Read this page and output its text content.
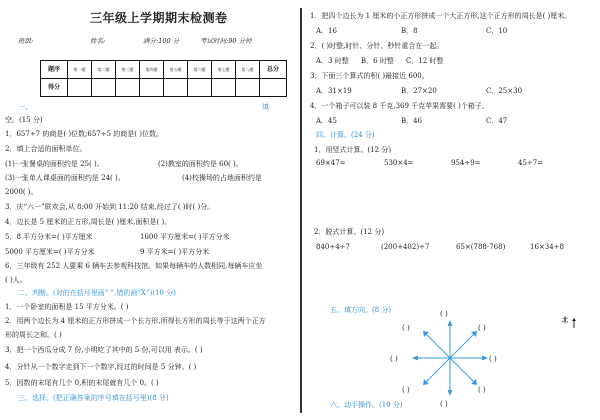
三年级上学期期末检测卷
班级:	姓名:	满分:100 分	考试时间:90 分钟
题序	第一题	第二题	第三题	第四题	第五题	第六题	第七题	第八题	总分
得分									
一、	填
空。(15 分)
1．657÷7 的商是( )位数;657÷5 的商是( )位数。
2．填上合适的面积单位。
(1)一张餐桌的面积约是 25( )。	(2)教室的面积约是 60( )。
(3)一张单人课桌面的面积约是 24( )。	(4)校操场的占地面积约是
2000( )。
3．庆“六一”联欢会,从 8:00 开始到 11:20 结束,经过了( )时( )分。
4．边长是 5 厘米的正方形,周长是( )厘米,面积是( )。
5．8 平方分米=( )平方厘米	1600 平方厘米=( )平方分米
5000 平方厘米=( )平方分米	9 平方米=( )平方分米
6．三年级有 252 人要乘 6 辆车去参观科技馆。如果每辆车的人数相同,每辆车应坐
( )人。
二、判断。(对的在括号里画“ ”,错的画“X”)(10 分)
1．一个卧室的面积是 15 平方分米。( )
2．用两个边长为 4 厘米的正方形拼成一个长方形,所得长方形的周长等于这两个正方
形的周长之和。( )
3．把一个西瓜分成 7 份,小明吃了其中的 5 份,可以用 表示。( )
4．分针从一个数字走到下一个数字,经过的时间是 5 分钟。( )
5．因数的末尾有几个 0,积的末尾就有几个 0。( )
三、选择。(把正确答案的序号填在括号里)(8 分)
1．把四个边长为 1 厘米的小正方形拼成一个大正方形,这个正方形的周长是( )厘米。
A．16	B．8	C．10
2．( )时整,时针、分针、秒针重合在一起。
A．3 时整 B．6 时整 C．12 时整
3．下面三个算式的积( )最接近 600。
A．31×19	B．27×20	C．25×30
4．一个箱子可以装 8 千克,369 千克苹果需要( )个箱子。
A．45	B．46	C．47
四、计算。(24 分)
1．用竖式计算。(12 分)
69×47=	530×4=	954÷9=	45÷7=
2．脱式计算。(12 分)
840÷4÷7	(200+402)÷7	65×(788-768)	16×34÷8
五、填方向。(8 分)
六、动手操作。(10 分)
( )
( )
( )	( )
( )	( )
( )	( )
北
